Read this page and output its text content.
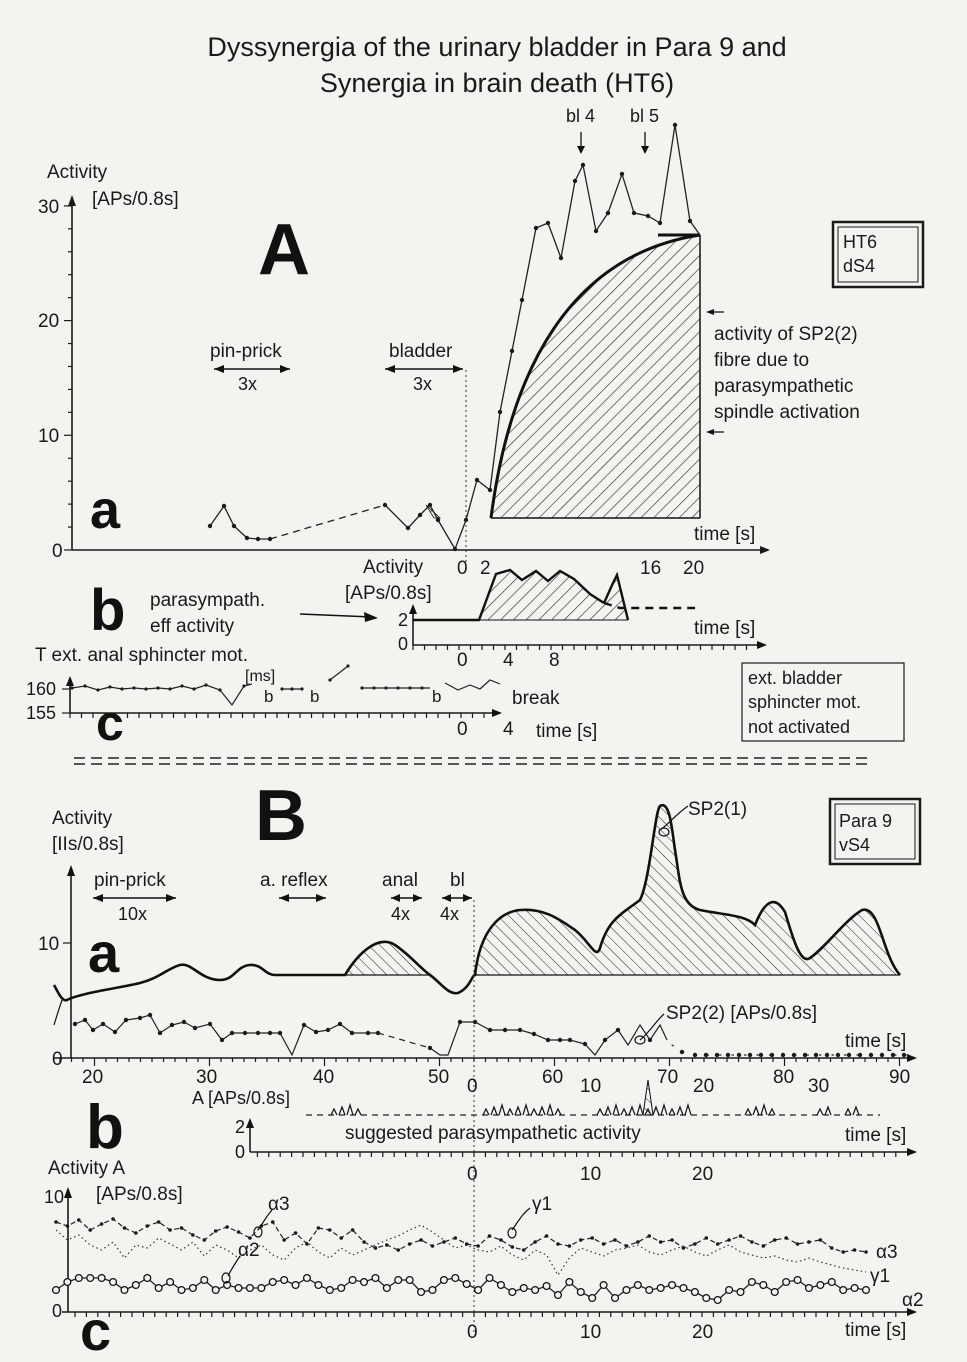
Dyssynergia of the urinary bladder in Para 9 and
Synergia in brain death (HT6)
A	HT6
dS4
Activity
[APs/0.8s]
30
20
10
0
time [s]
0 2	16 20
pin-prick
3x
bladder
3x
bl 4 bl 5
activity of SP2(2)
fibre due to
parasympathetic
spindle activation
a
b parasympath.
eff activity
Activity
[APs/0.8s]
2
0
0 4 8
time [s]
T ext. anal sphincter mot.
160
155 c
[ms]
b b	b	break
0 4 time [s]
ext. bladder
sphincter mot.
not activated
B	Para 9
vS4
Activity
[IIs/0.8s]
10
0
a
pin-prick
10x
a. reflex	anal
4x
bl
4x
SP2(1)
SP2(2) [APs/0.8s]
time [s]
20	30	40	50	60	70	80	90
0	10	20	30
A [APs/0.8s]
b	2
0
suggested parasympathetic activity	time [s]
0	10	20
Activity A
[APs/0.8s]
10
0 c
α3
α2
γ1
α3
γ1
α2
0	10	20	time [s]
